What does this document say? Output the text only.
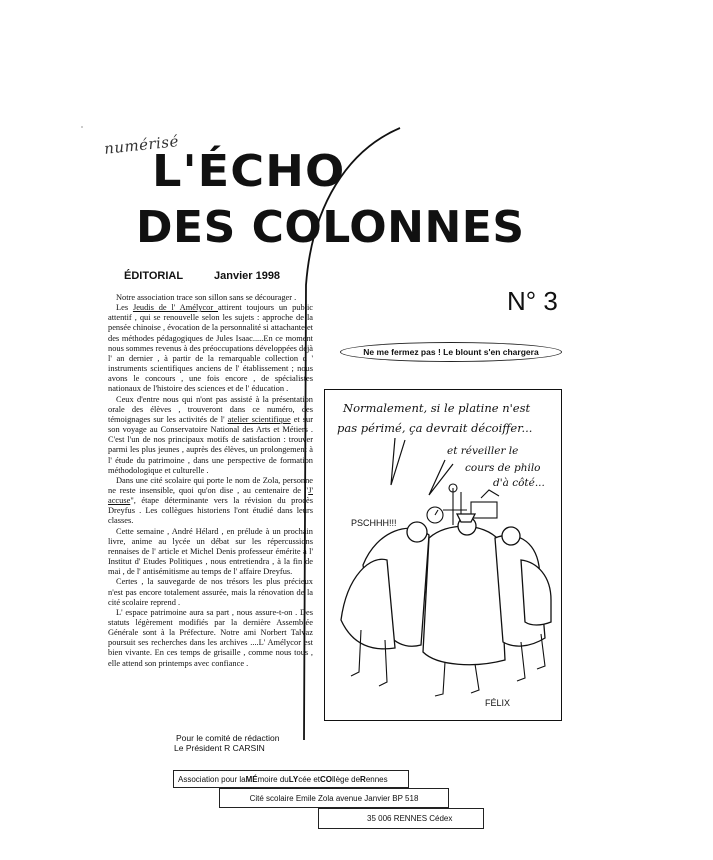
numérisé
L'ÉCHO
DES COLONNES
ÉDITORIAL	Janvier 1998

Notre association trace son sillon sans se décourager .

Les Jeudis de l' Amélycor attirent toujours un public attentif , qui se renouvelle selon les sujets : approche de la pensée chinoise , évocation de la personnalité si attachante et des méthodes pédagogiques de Jules Isaac.....En ce moment nous sommes revenus à des préoccupations développées déjà l' an dernier , à partir de la remarquable collection d ' instruments scientifiques anciens de l' établissement ; nous avons le concours , une fois encore , de spécialistes nationaux de l'histoire des sciences et de l' éducation .

Ceux d'entre nous qui n'ont pas assisté à la présentation orale des élèves , trouveront dans ce numéro, des témoignages sur les activités de l' atelier scientifique et sur son voyage au Conservatoire National des Arts et Métiers . C'est l'un de nos principaux motifs de satisfaction : trouver parmi les plus jeunes , auprès des élèves, un prolongement à l' étude du patrimoine , dans une perspective de formation méthodologique et culturelle .

Dans une cité scolaire qui porte le nom de Zola, personne ne reste insensible, quoi qu'on dise , au centenaire de "J' accuse", étape déterminante vers la révision du procès Dreyfus . Les collègues historiens l'ont étudié dans leurs classes.

Cette semaine , André Hélard , en prélude à un prochain livre, anime au lycée un débat sur les répercussions rennaises de l' article et Michel Denis professeur émérite à l' Institut d' Etudes Politiques , nous entretiendra , à la fin de mai , de l' antisémitisme au temps de l' affaire Dreyfus.

Certes , la sauvegarde de nos trésors les plus précieux n'est pas encore totalement assurée, mais la rénovation de la cité scolaire reprend .

L' espace patrimoine aura sa part , nous assure-t-on . Des statuts légèrement modifiés par la dernière Assemblée Générale sont à la Préfecture. Notre ami Norbert Talvaz poursuit ses recherches dans les archives ....L' Amélycor est bien vivante. En ces temps de grisaille , comme nous tous , elle attend son printemps avec confiance .

Pour le comité de rédaction
Le Président R CARSIN
N° 3
Ne me fermez pas ! Le blount s'en chargera
Normalement, si le platine n'est
pas périmé, ça devrait décoiffer...
et réveiller le
cours de philo
d'à côté...
PSCHHH!!!
FÉLIX
Association pour la MÉ moire du LY cée et CO llège de R ennes
Cité scolaire Emile Zola avenue Janvier BP 518
35 006 RENNES Cédex
